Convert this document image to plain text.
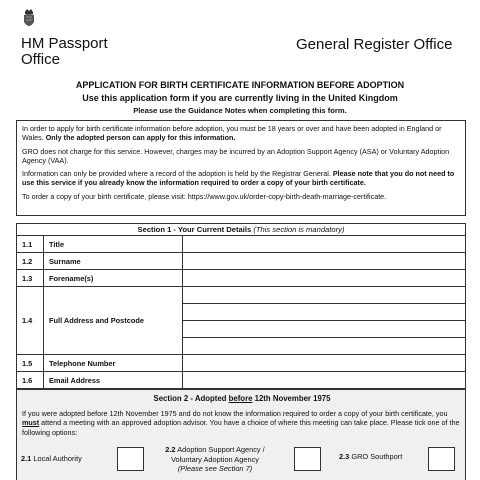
HM Passport
Office
General Register Office
APPLICATION FOR BIRTH CERTIFICATE INFORMATION BEFORE ADOPTION
Use this application form if you are currently living in the United Kingdom
Please use the Guidance Notes when completing this form.

In order to apply for birth certificate information before adoption, you must be 18 years or over and have been adopted in England or Wales. Only the adopted person can apply for this information.

GRO does not charge for this service. However, charges may be incurred by an Adoption Support Agency (ASA) or Voluntary Adoption Agency (VAA).

Information can only be provided where a record of the adoption is held by the Registrar General. Please note that you do not need to use this service if you already know the information required to order a copy of your birth certificate.

To order a copy of your birth certificate, please visit: https://www.gov.uk/order-copy-birth-death-marriage-certificate.

Section 1 - Your Current Details (This section is mandatory)		
1.1	Title	
1.2	Surname	
1.3	Forename(s)	
1.4	Full Address and Postcode	

1.5	Telephone Number	
1.6	Email Address	
Section 2 - Adopted before 12th November 1975
If you were adopted before 12th November 1975 and do not know the information required to order a copy of your birth certificate, you must attend a meeting with an approved adoption advisor. You have a choice of where this meeting can take place. Please tick one of the following options:
2.1 Local Authority
2.2 Adoption Support Agency /
Voluntary Adoption Agency
(Please see Section 7)
2.3 GRO Southport
